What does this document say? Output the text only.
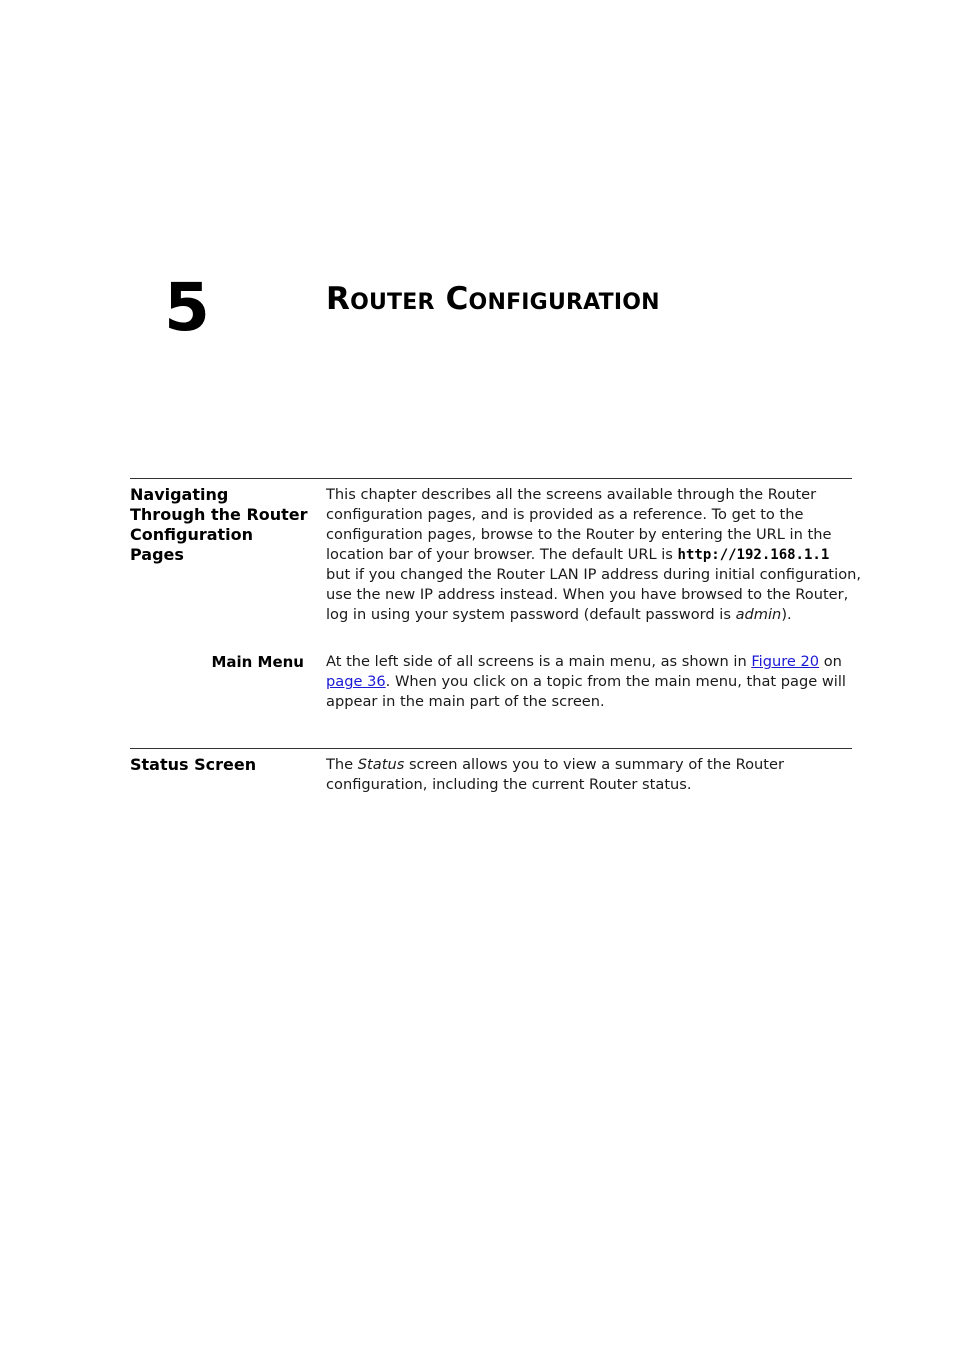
5	Router Configuration
Navigating
Through the Router
Configuration
Pages
This chapter describes all the screens available through the Router
configuration pages, and is provided as a reference. To get to the
configuration pages, browse to the Router by entering the URL in the
location bar of your browser. The default URL is http://192.168.1.1
but if you changed the Router LAN IP address during initial configuration,
use the new IP address instead. When you have browsed to the Router,
log in using your system password (default password is admin).
Main Menu At the left side of all screens is a main menu, as shown in Figure 20 on
page 36. When you click on a topic from the main menu, that page will
appear in the main part of the screen.
Status Screen	The Status screen allows you to view a summary of the Router
configuration, including the current Router status.
